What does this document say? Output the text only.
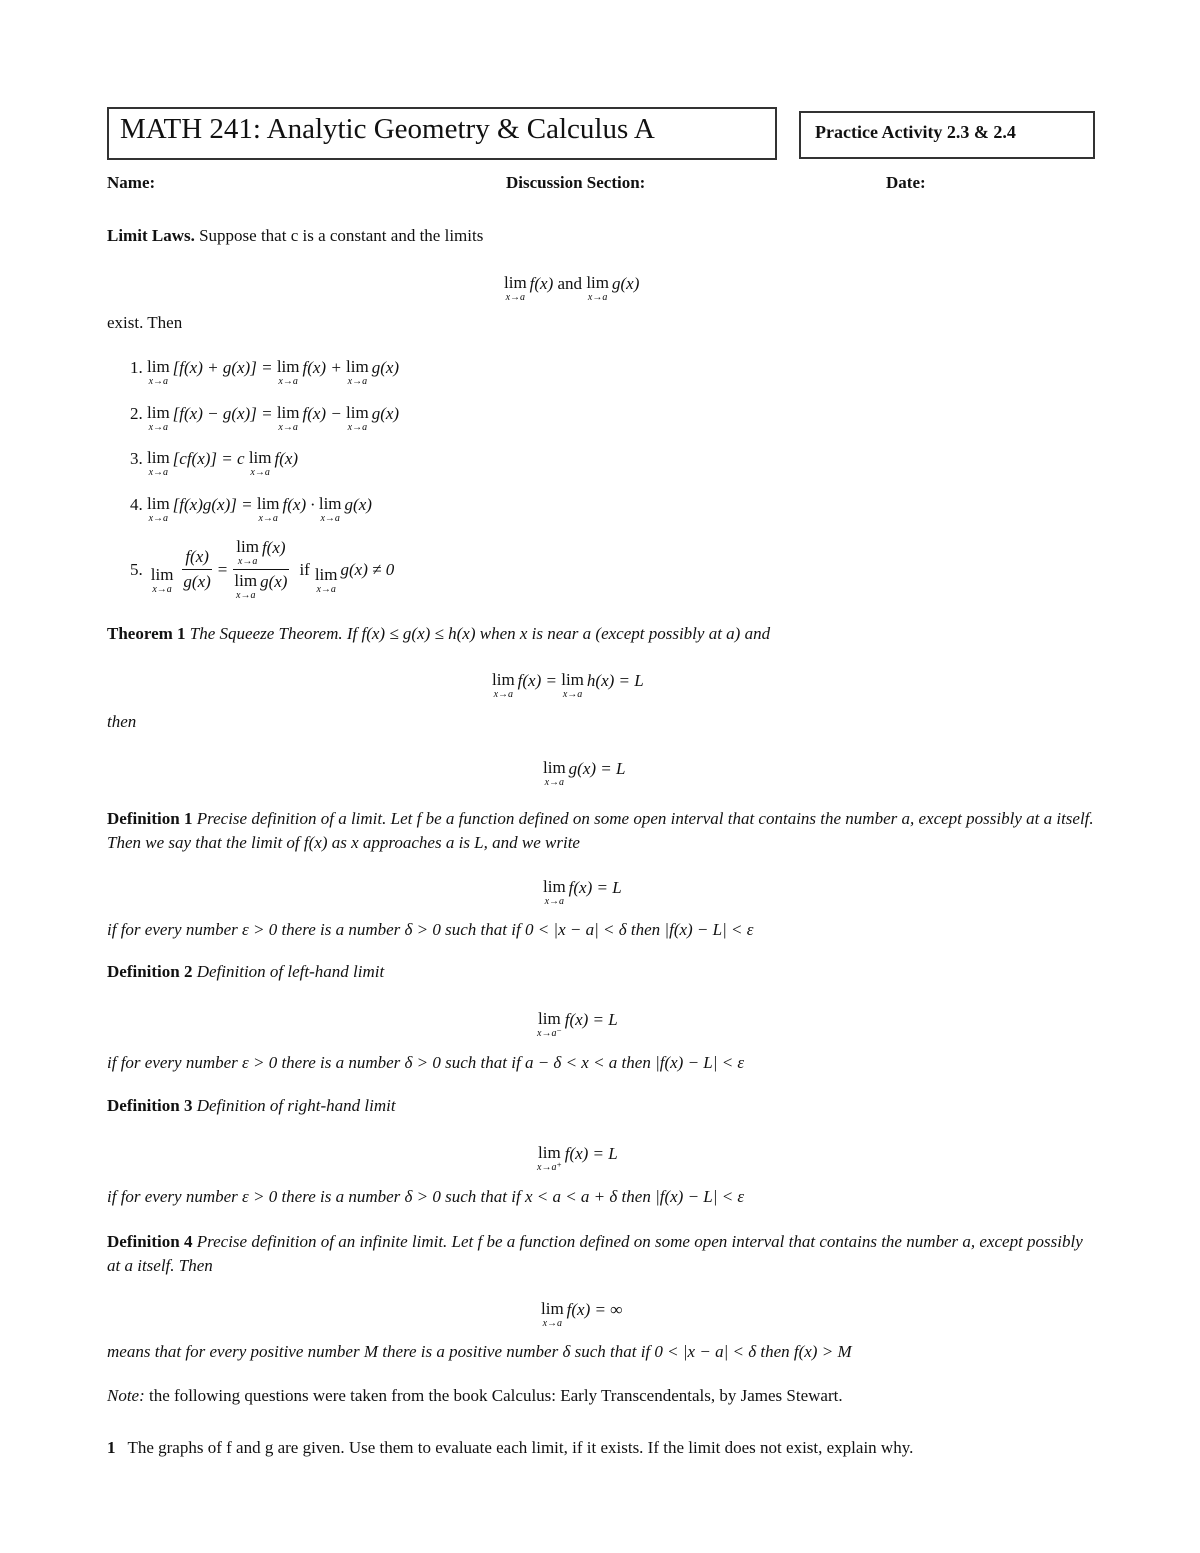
MATH 241: Analytic Geometry & Calculus A	Practice Activity 2.3 & 2.4
Name:	Discussion Section:	Date:
Limit Laws. Suppose that c is a constant and the limits
lim
x→a
f(x) and lim
x→a
g(x)
exist. Then
1. lim
x→a
[f(x) + g(x)] = lim
x→a
f(x) + lim
x→a
g(x)
2. lim
x→a
[f(x) − g(x)] = lim
x→a
f(x) − lim
x→a
g(x)
3. lim
x→a
[cf(x)] = c lim
x→a
f(x)
4. lim
x→a
[f(x)g(x)] = lim
x→a
f(x) · lim
x→a
g(x)
5. lim
$x\to a \frac{f(x)}{g(x)} = \lim$
x→a
f(x)
lim
x→a
g(x) if lim
x→a
g(x) ≠ 0
Theorem 1 The Squeeze Theorem. If f(x) ≤ g(x) ≤ h(x) when x is near a (except possibly at a) and
lim
x→a
f(x) = lim
x→a
h(x) = L
then
lim
x→a
g(x) = L
Definition 1 Precise definition of a limit. Let f be a function defined on some open interval that contains the number a, except possibly at a itself. Then we say that the limit of f(x) as x approaches a is L, and we write
lim
x→a
f(x) = L
if for every number ε > 0 there is a number δ > 0 such that if 0 < |x − a| < δ then |f(x) − L| < ε
Definition 2 Definition of left-hand limit
lim
x→a⁻
f(x) = L
if for every number ε > 0 there is a number δ > 0 such that if a − δ < x < a then |f(x) − L| < ε
Definition 3 Definition of right-hand limit
lim
x→a⁺
f(x) = L
if for every number ε > 0 there is a number δ > 0 such that if x < a < a + δ then |f(x) − L| < ε
Definition 4 Precise definition of an infinite limit. Let f be a function defined on some open interval that contains the number a, except possibly at a itself. Then
lim
x→a
f(x) = ∞
means that for every positive number M there is a positive number δ such that if 0 < |x − a| < δ then f(x) > M
Note: the following questions were taken from the book Calculus: Early Transcendentals, by James Stewart.
1 The graphs of f and g are given. Use them to evaluate each limit, if it exists. If the limit does not exist, explain why.
